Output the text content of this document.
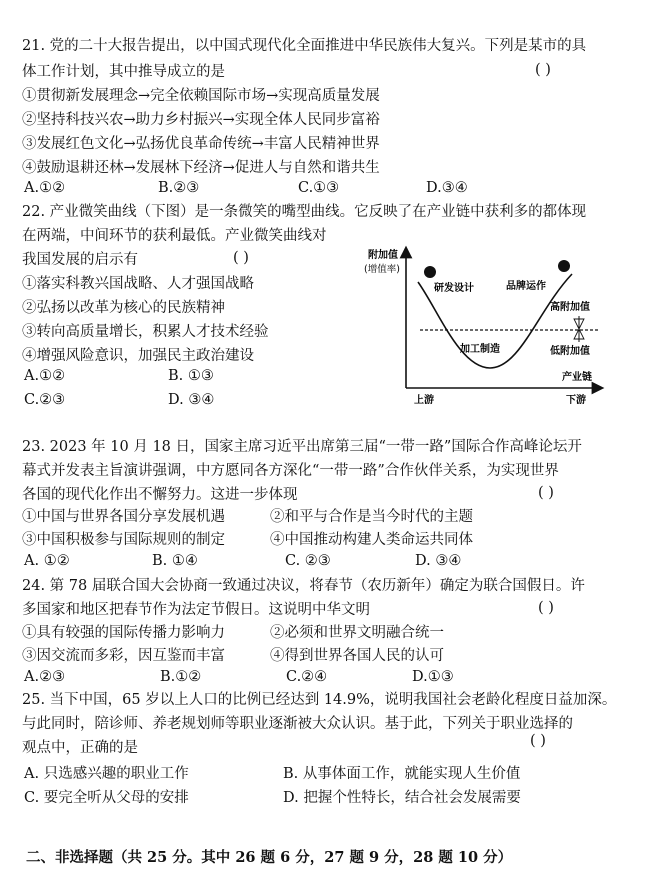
21. 党的二十大报告提出，以中国式现代化全面推进中华民族伟大复兴。下列是某市的具
体工作计划，其中推导成立的是	( )
①贯彻新发展理念→完全依赖国际市场→实现高质量发展
②坚持科技兴农→助力乡村振兴→实现全体人民同步富裕
③发展红色文化→弘扬优良革命传统→丰富人民精神世界
④鼓励退耕还林→发展林下经济→促进人与自然和谐共生
A.①②	B.②③	C.①③	D.③④
22. 产业微笑曲线（下图）是一条微笑的嘴型曲线。它反映了在产业链中获利多的都体现
在两端，中间环节的获利最低。产业微笑曲线对
我国发展的启示有	( )
①落实科教兴国战略、人才强国战略
②弘扬以改革为核心的民族精神
③转向高质量增长，积累人才技术经验
④增强风险意识，加强民主政治建设
A.①②	B. ①③
C.②③	D. ③④
附加值
(增值率)
研发设计	品牌运作
高附加值
加工制造	低附加值
产业链
上游	下游
23. 2023 年 10 月 18 日，国家主席习近平出席第三届“一带一路”国际合作高峰论坛开
幕式并发表主旨演讲强调，中方愿同各方深化“一带一路”合作伙伴关系，为实现世界
各国的现代化作出不懈努力。这进一步体现	( )
①中国与世界各国分享发展机遇	②和平与合作是当今时代的主题
③中国积极参与国际规则的制定	④中国推动构建人类命运共同体
A. ①②	B. ①④	C. ②③	D. ③④
24. 第 78 届联合国大会协商一致通过决议，将春节（农历新年）确定为联合国假日。许
多国家和地区把春节作为法定节假日。这说明中华文明	( )
①具有较强的国际传播力影响力	②必须和世界文明融合统一
③因交流而多彩，因互鉴而丰富	④得到世界各国人民的认可
A.②③	B.①②	C.②④	D.①③
25. 当下中国，65 岁以上人口的比例已经达到 14.9%，说明我国社会老龄化程度日益加深。
与此同时，陪诊师、养老规划师等职业逐渐被大众认识。基于此，下列关于职业选择的
观点中，正确的是	( )
A. 只选感兴趣的职业工作	B. 从事体面工作，就能实现人生价值
C. 要完全听从父母的安排	D. 把握个性特长，结合社会发展需要
二、非选择题（共 25 分。其中 26 题 6 分，27 题 9 分，28 题 10 分）
